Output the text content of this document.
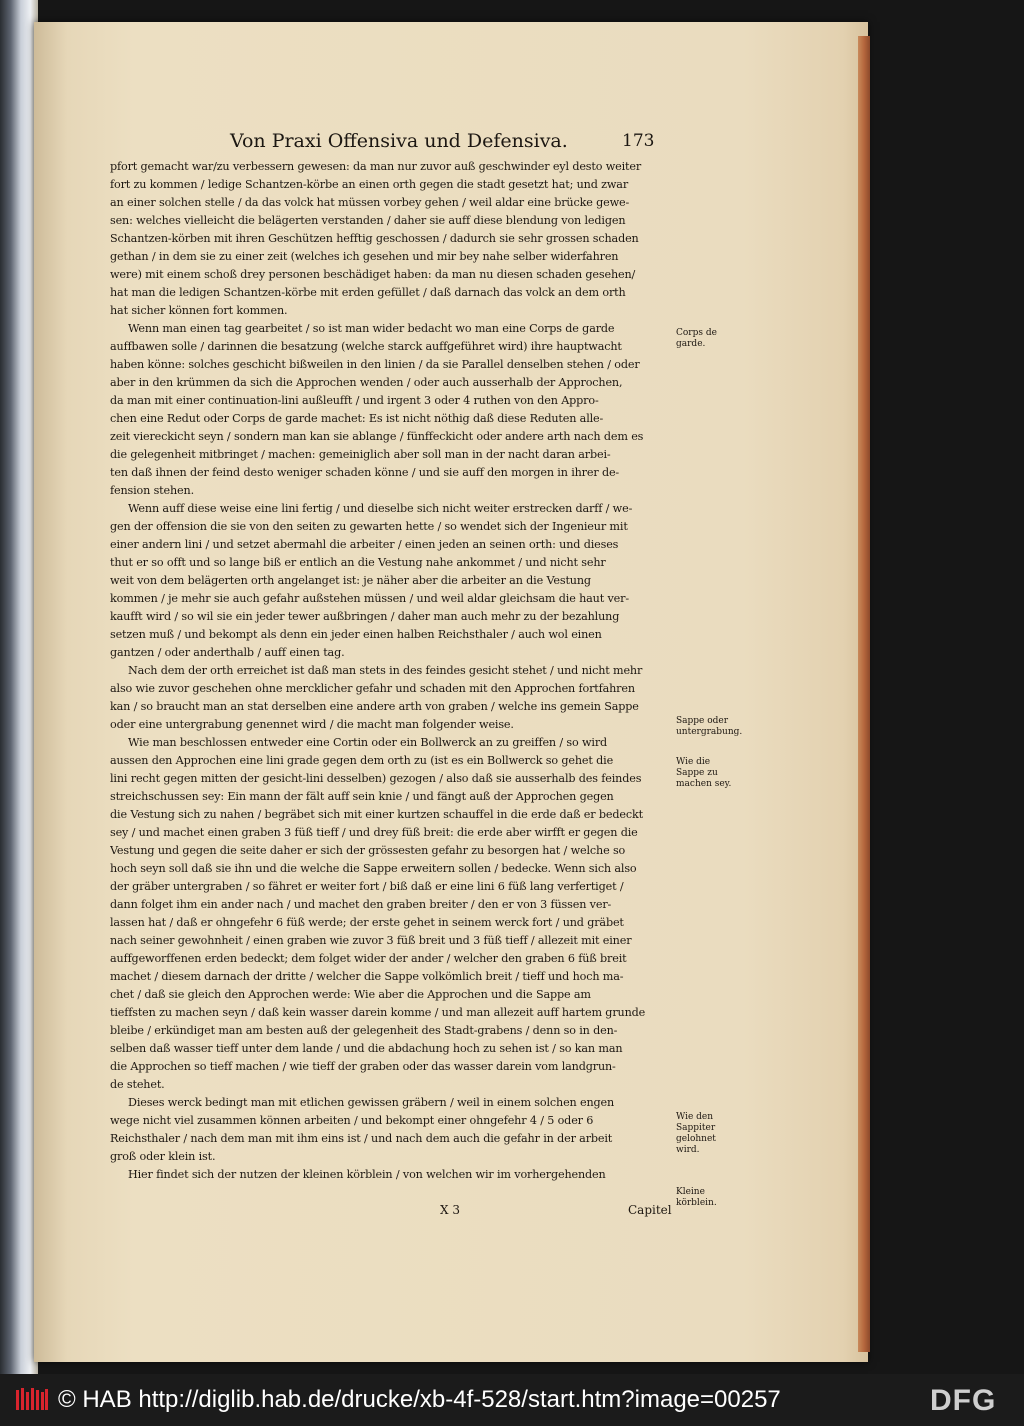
Von Praxi Offensiva und Defensiva.	173
pfort gemacht war/zu verbessern gewesen: da man nur zuvor auß geschwinder eyl desto weiter
fort zu kommen / ledige Schantzen-körbe an einen orth gegen die stadt gesetzt hat; und zwar
an einer solchen stelle / da das volck hat müssen vorbey gehen / weil aldar eine brücke gewe-
sen: welches vielleicht die belägerten verstanden / daher sie auff diese blendung von ledigen
Schantzen-körben mit ihren Geschützen hefftig geschossen / dadurch sie sehr grossen schaden
gethan / in dem sie zu einer zeit (welches ich gesehen und mir bey nahe selber widerfahren
were) mit einem schoß drey personen beschädiget haben: da man nu diesen schaden gesehen/
hat man die ledigen Schantzen-körbe mit erden gefüllet / daß darnach das volck an dem orth
hat sicher können fort kommen.
Wenn man einen tag gearbeitet / so ist man wider bedacht wo man eine Corps de garde
auffbawen solle / darinnen die besatzung (welche starck auffgeführet wird) ihre hauptwacht
haben könne: solches geschicht bißweilen in den linien / da sie Parallel denselben stehen / oder
aber in den krümmen da sich die Approchen wenden / oder auch ausserhalb der Approchen,
da man mit einer continuation-lini außleufft / und irgent 3 oder 4 ruthen von den Appro-
chen eine Redut oder Corps de garde machet: Es ist nicht nöthig daß diese Reduten alle-
zeit viereckicht seyn / sondern man kan sie ablange / fünffeckicht oder andere arth nach dem es
die gelegenheit mitbringet / machen: gemeiniglich aber soll man in der nacht daran arbei-
ten daß ihnen der feind desto weniger schaden könne / und sie auff den morgen in ihrer de-
fension stehen.
Wenn auff diese weise eine lini fertig / und dieselbe sich nicht weiter erstrecken darff / we-
gen der offension die sie von den seiten zu gewarten hette / so wendet sich der Ingenieur mit
einer andern lini / und setzet abermahl die arbeiter / einen jeden an seinen orth: und dieses
thut er so offt und so lange biß er entlich an die Vestung nahe ankommet / und nicht sehr
weit von dem belägerten orth angelanget ist: je näher aber die arbeiter an die Vestung
kommen / je mehr sie auch gefahr außstehen müssen / und weil aldar gleichsam die haut ver-
kaufft wird / so wil sie ein jeder tewer außbringen / daher man auch mehr zu der bezahlung
setzen muß / und bekompt als denn ein jeder einen halben Reichsthaler / auch wol einen
gantzen / oder anderthalb / auff einen tag.
Nach dem der orth erreichet ist daß man stets in des feindes gesicht stehet / und nicht mehr
also wie zuvor geschehen ohne mercklicher gefahr und schaden mit den Approchen fortfahren
kan / so braucht man an stat derselben eine andere arth von graben / welche ins gemein Sappe
oder eine untergrabung genennet wird / die macht man folgender weise.
Wie man beschlossen entweder eine Cortin oder ein Bollwerck an zu greiffen / so wird
aussen den Approchen eine lini grade gegen dem orth zu (ist es ein Bollwerck so gehet die
lini recht gegen mitten der gesicht-lini desselben) gezogen / also daß sie ausserhalb des feindes
streichschussen sey: Ein mann der fält auff sein knie / und fängt auß der Approchen gegen
die Vestung sich zu nahen / begräbet sich mit einer kurtzen schauffel in die erde daß er bedeckt
sey / und machet einen graben 3 füß tieff / und drey füß breit: die erde aber wirfft er gegen die
Vestung und gegen die seite daher er sich der grössesten gefahr zu besorgen hat / welche so
hoch seyn soll daß sie ihn und die welche die Sappe erweitern sollen / bedecke. Wenn sich also
der gräber untergraben / so fähret er weiter fort / biß daß er eine lini 6 füß lang verfertiget /
dann folget ihm ein ander nach / und machet den graben breiter / den er von 3 füssen ver-
lassen hat / daß er ohngefehr 6 füß werde; der erste gehet in seinem werck fort / und gräbet
nach seiner gewohnheit / einen graben wie zuvor 3 füß breit und 3 füß tieff / allezeit mit einer
auffgeworffenen erden bedeckt; dem folget wider der ander / welcher den graben 6 füß breit
machet / diesem darnach der dritte / welcher die Sappe volkömlich breit / tieff und hoch ma-
chet / daß sie gleich den Approchen werde: Wie aber die Approchen und die Sappe am
tieffsten zu machen seyn / daß kein wasser darein komme / und man allezeit auff hartem grunde
bleibe / erkündiget man am besten auß der gelegenheit des Stadt-grabens / denn so in den-
selben daß wasser tieff unter dem lande / und die abdachung hoch zu sehen ist / so kan man
die Approchen so tieff machen / wie tieff der graben oder das wasser darein vom landgrun-
de stehet.
Dieses werck bedingt man mit etlichen gewissen gräbern / weil in einem solchen engen
wege nicht viel zusammen können arbeiten / und bekompt einer ohngefehr 4 / 5 oder 6
Reichsthaler / nach dem man mit ihm eins ist / und nach dem auch die gefahr in der arbeit
groß oder klein ist.
Hier findet sich der nutzen der kleinen körblein / von welchen wir im vorhergehenden
Corps de garde.
Sappe oder untergrabung.
Wie die Sappe zu machen sey.
Wie den Sappiter gelohnet wird.
Kleine körblein.
X 3	Capitel
© HAB http://diglib.hab.de/drucke/xb-4f-528/start.htm?image=00257	DFG
